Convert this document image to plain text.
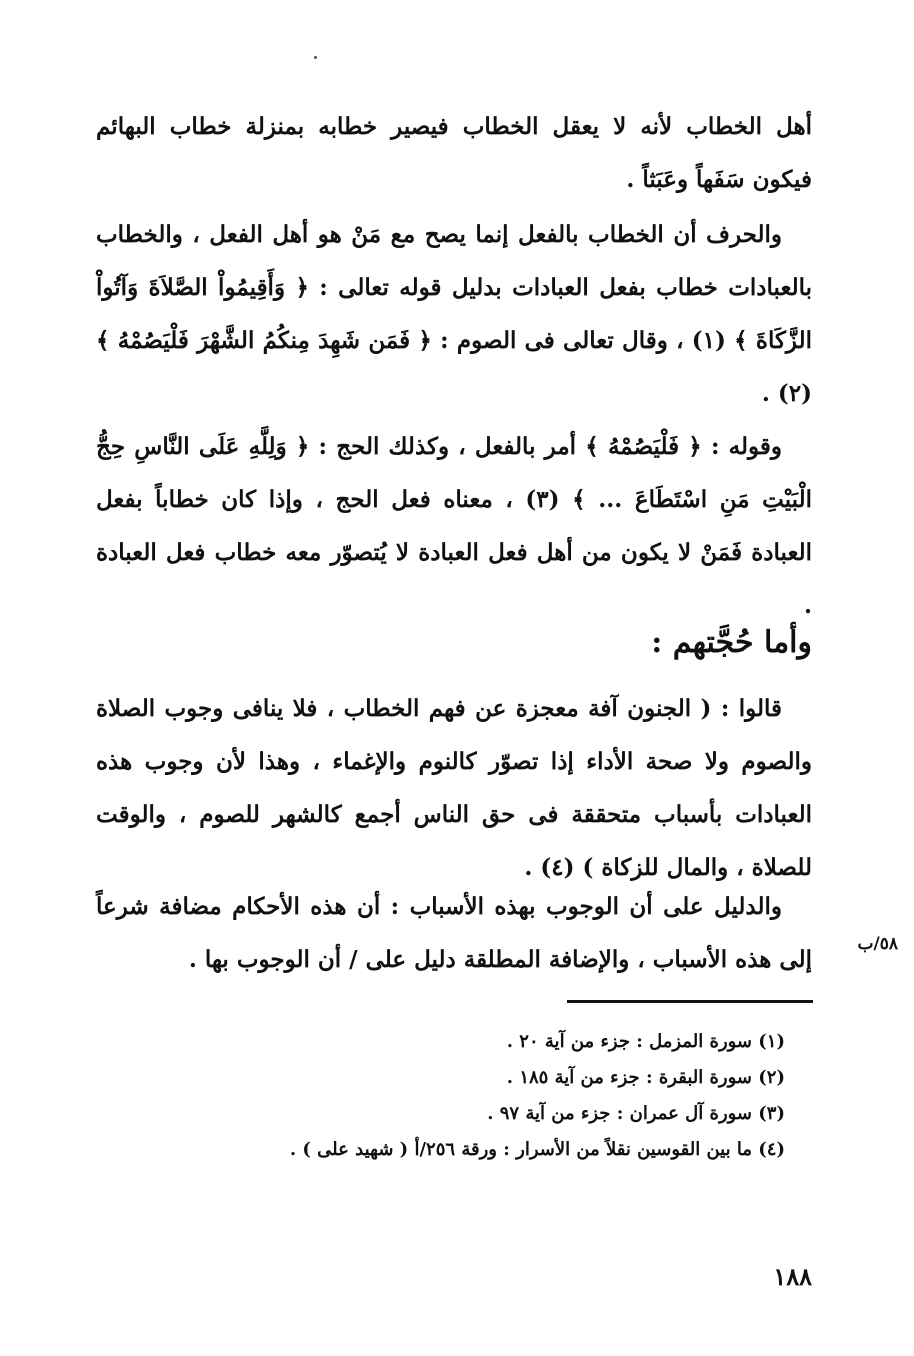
أهل الخطاب لأنه لا يعقل الخطاب فيصير خطابه بمنزلة خطاب البهائم فيكون سَفَهاً وعَبَثاً .

والحرف أن الخطاب بالفعل إنما يصح مع مَنْ هو أهل الفعل ، والخطاب بالعبادات خطاب بفعل العبادات بدليل قوله تعالى : ﴿ وَأَقِيمُواْ الصَّلاَةَ وَآتُواْ الزَّكَاةَ ﴾ (١) ، وقال تعالى فى الصوم : ﴿ فَمَن شَهِدَ مِنكُمُ الشَّهْرَ فَلْيَصُمْهُ ﴾ (٢) .

وقوله : ﴿ فَلْيَصُمْهُ ﴾ أمر بالفعل ، وكذلك الحج : ﴿ وَلِلَّهِ عَلَى النَّاسِ حِجُّ الْبَيْتِ مَنِ اسْتَطَاعَ ... ﴾ (٣) ، معناه فعل الحج ، وإذا كان خطاباً بفعل العبادة فَمَنْ لا يكون من أهل فعل العبادة لا يُتصوّر معه خطاب فعل العبادة .

وأما حُجَّتهم :

قالوا : ( الجنون آفة معجزة عن فهم الخطاب ، فلا ينافى وجوب الصلاة والصوم ولا صحة الأداء إذا تصوّر كالنوم والإغماء ، وهذا لأن وجوب هذه العبادات بأسباب متحققة فى حق الناس أجمع كالشهر للصوم ، والوقت للصلاة ، والمال للزكاة ) (٤) .

والدليل على أن الوجوب بهذه الأسباب : أن هذه الأحكام مضافة شرعاً إلى هذه الأسباب ، والإضافة المطلقة دليل على / أن الوجوب بها .

٥٨/ب
(١) سورة المزمل : جزء من آية ٢٠ .
(٢) سورة البقرة : جزء من آية ١٨٥ .
(٣) سورة آل عمران : جزء من آية ٩٧ .
(٤) ما بين القوسين نقلاً من الأسرار : ورقة ٢٥٦/أ ( شهيد على ) .
١٨٨
